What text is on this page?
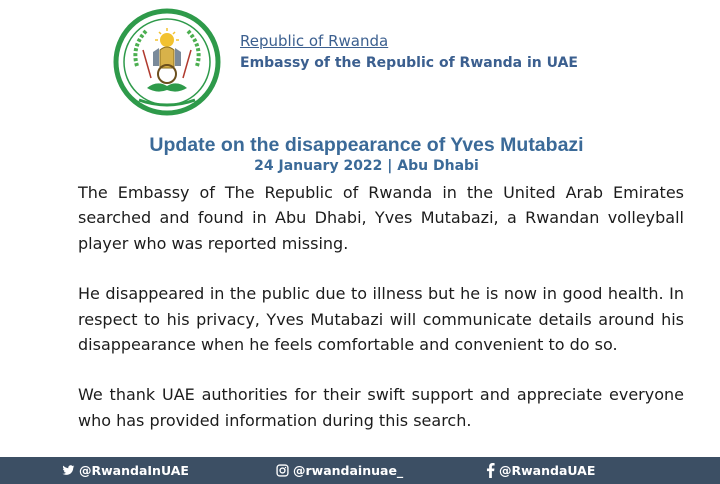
Republic of Rwanda
Embassy of the Republic of Rwanda in UAE
Update on the disappearance of Yves Mutabazi
24 January 2022 | Abu Dhabi

The Embassy of The Republic of Rwanda in the United Arab Emirates searched and found in Abu Dhabi, Yves Mutabazi, a Rwandan volleyball player who was reported missing.

He disappeared in the public due to illness but he is now in good health. In respect to his privacy, Yves Mutabazi will communicate details around his disappearance when he feels comfortable and convenient to do so.

We thank UAE authorities for their swift support and appreciate everyone who has provided information during this search.

@RwandaInUAE	@rwandainuae_	@RwandaUAE
